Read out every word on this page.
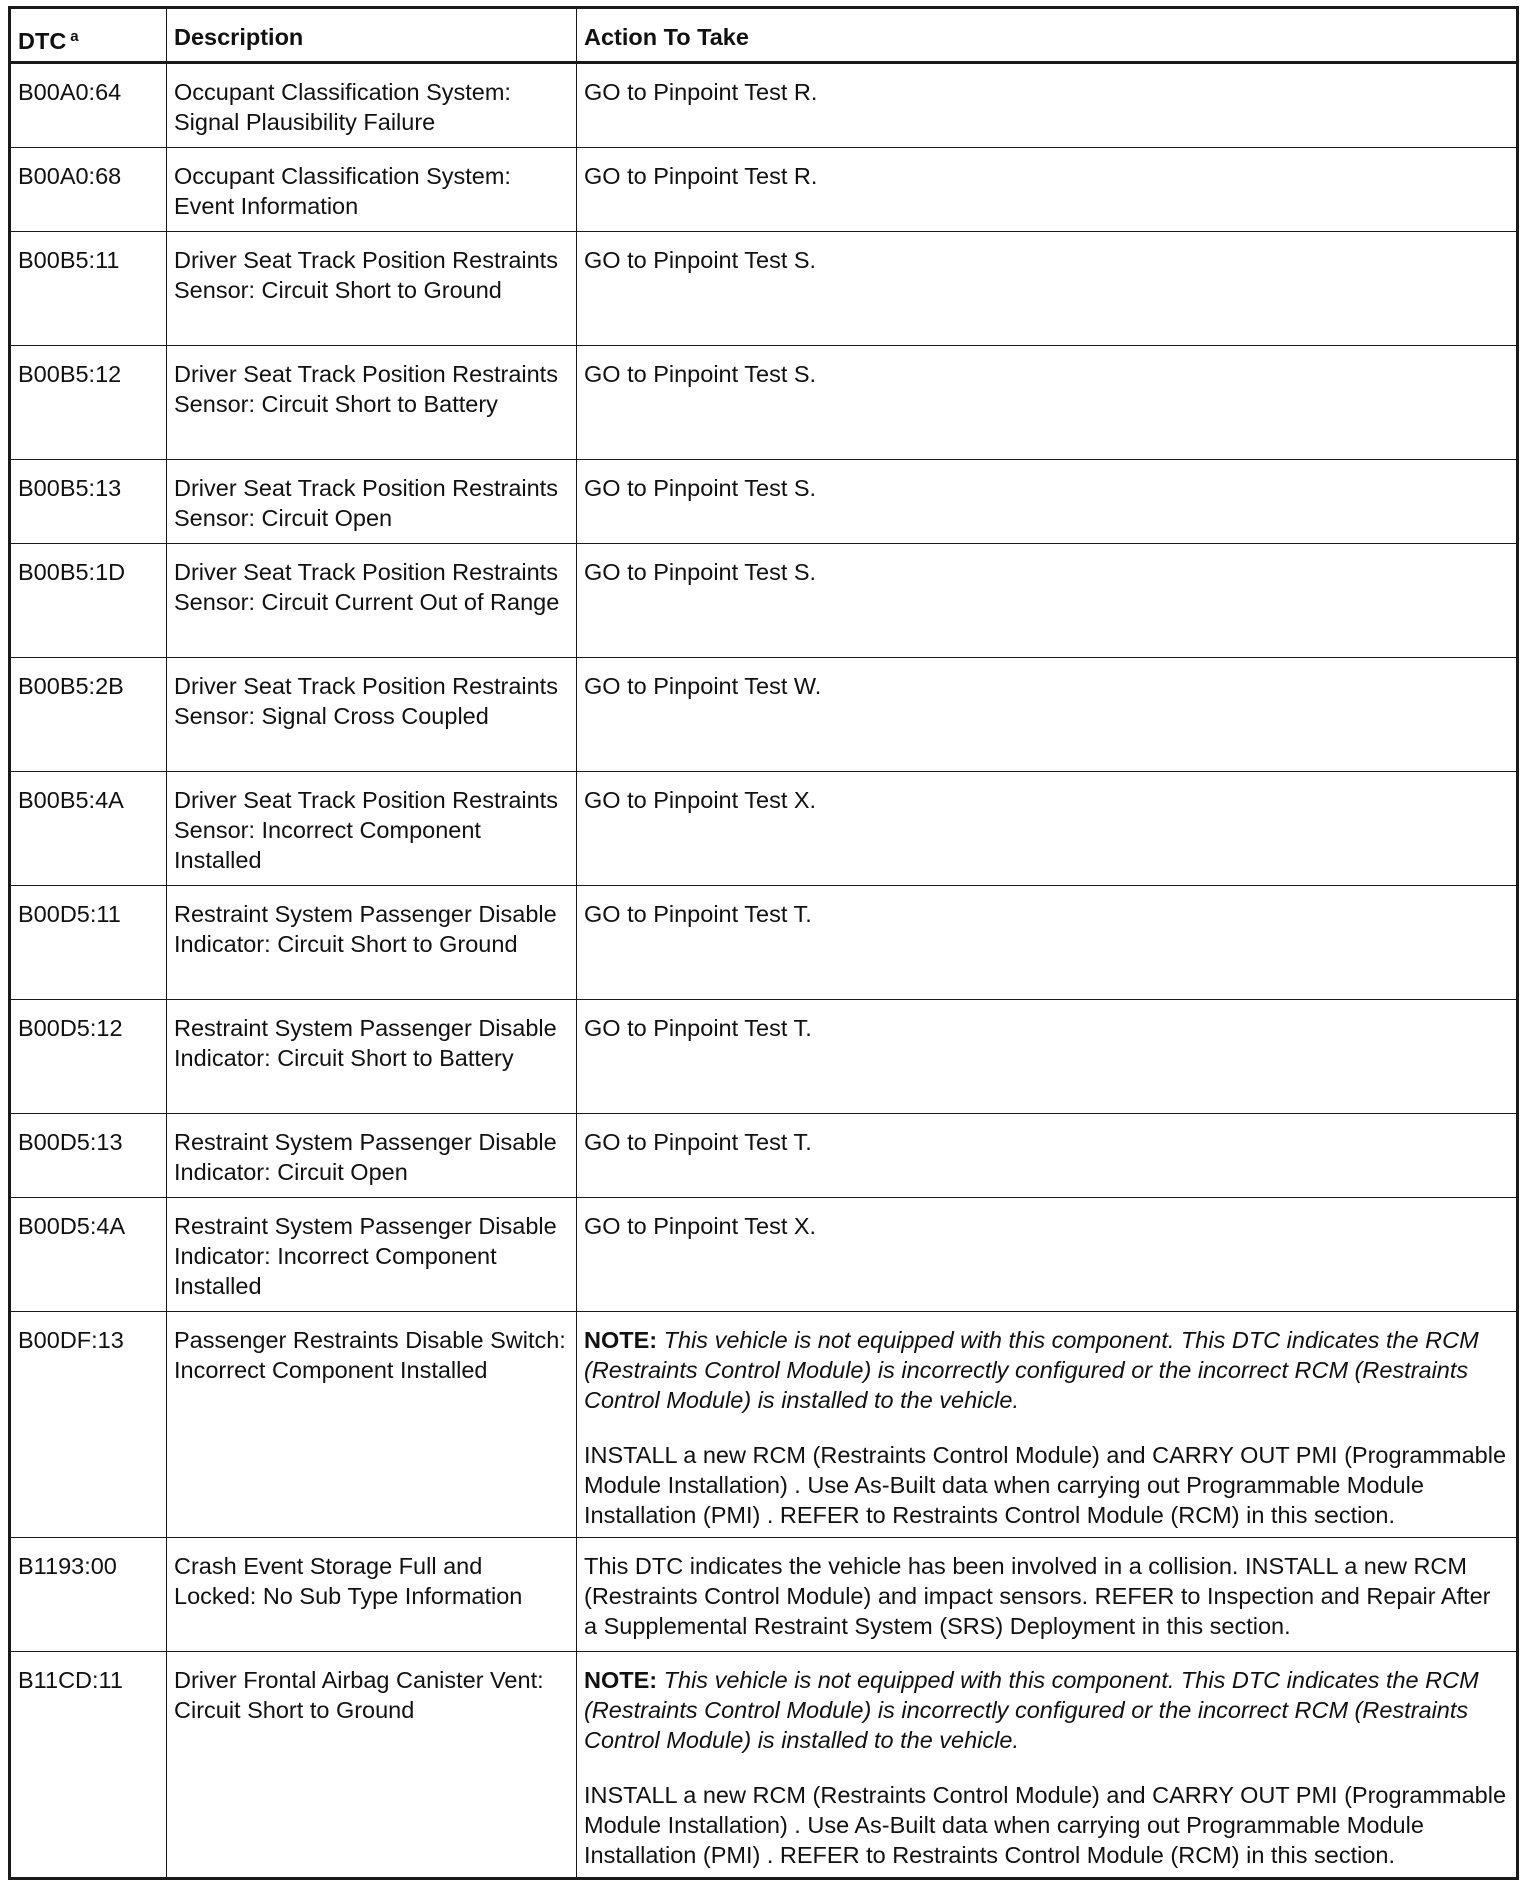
DTC $^a$	Description	Action To Take
B00A0:64	Occupant Classification System: Signal Plausibility Failure	GO to Pinpoint Test R.
B00A0:68	Occupant Classification System: Event Information	GO to Pinpoint Test R.
B00B5:11	Driver Seat Track Position Restraints Sensor: Circuit Short to Ground	GO to Pinpoint Test S.
B00B5:12	Driver Seat Track Position Restraints Sensor: Circuit Short to Battery	GO to Pinpoint Test S.
B00B5:13	Driver Seat Track Position Restraints Sensor: Circuit Open	GO to Pinpoint Test S.
B00B5:1D	Driver Seat Track Position Restraints Sensor: Circuit Current Out of Range	GO to Pinpoint Test S.
B00B5:2B	Driver Seat Track Position Restraints Sensor: Signal Cross Coupled	GO to Pinpoint Test W.
B00B5:4A	Driver Seat Track Position Restraints Sensor: Incorrect Component Installed	GO to Pinpoint Test X.
B00D5:11	Restraint System Passenger Disable Indicator: Circuit Short to Ground	GO to Pinpoint Test T.
B00D5:12	Restraint System Passenger Disable Indicator: Circuit Short to Battery	GO to Pinpoint Test T.
B00D5:13	Restraint System Passenger Disable Indicator: Circuit Open	GO to Pinpoint Test T.
B00D5:4A	Restraint System Passenger Disable Indicator: Incorrect Component Installed	GO to Pinpoint Test X.
B00DF:13	Passenger Restraints Disable Switch: Incorrect Component Installed	NOTE: This vehicle is not equipped with this component. This DTC indicates the RCM (Restraints Control Module) is incorrectly configured or the incorrect RCM (Restraints Control Module) is installed to the vehicle.
INSTALL a new RCM (Restraints Control Module) and CARRY OUT PMI (Programmable Module Installation) . Use As-Built data when carrying out Programmable Module Installation (PMI) . REFER to Restraints Control Module (RCM) in this section.

B1193:00	Crash Event Storage Full and Locked: No Sub Type Information	This DTC indicates the vehicle has been involved in a collision. INSTALL a new RCM (Restraints Control Module) and impact sensors. REFER to Inspection and Repair After a Supplemental Restraint System (SRS) Deployment in this section.
B11CD:11	Driver Frontal Airbag Canister Vent: Circuit Short to Ground	NOTE: This vehicle is not equipped with this component. This DTC indicates the RCM (Restraints Control Module) is incorrectly configured or the incorrect RCM (Restraints Control Module) is installed to the vehicle.
INSTALL a new RCM (Restraints Control Module) and CARRY OUT PMI (Programmable Module Installation) . Use As-Built data when carrying out Programmable Module Installation (PMI) . REFER to Restraints Control Module (RCM) in this section.
